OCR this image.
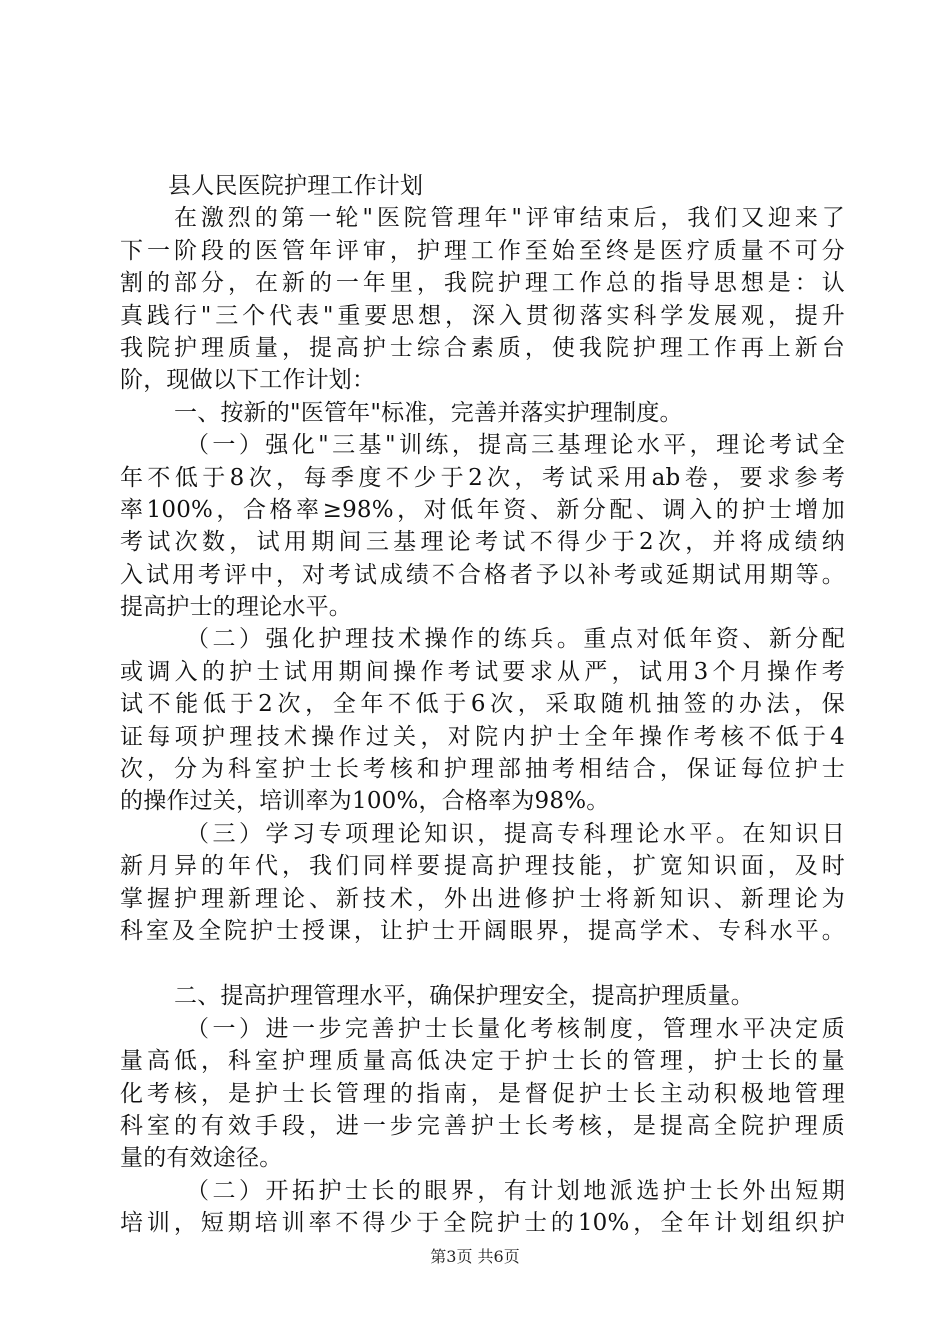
县人民医院护理工作计划
在激烈的第一轮"医院管理年"评审结束后，我们又迎来了
下一阶段的医管年评审，护理工作至始至终是医疗质量不可分
割的部分，在新的一年里，我院护理工作总的指导思想是：认
真践行"三个代表"重要思想，深入贯彻落实科学发展观，提升
我院护理质量，提高护士综合素质，使我院护理工作再上新台
阶，现做以下工作计划：
一、按新的"医管年"标准，完善并落实护理制度。
（一）强化"三基"训练，提高三基理论水平，理论考试全
年不低于8次，每季度不少于2次，考试采用ab卷，要求参考
率100%，合格率≥98%，对低年资、新分配、调入的护士增加
考试次数，试用期间三基理论考试不得少于2次，并将成绩纳
入试用考评中，对考试成绩不合格者予以补考或延期试用期等。
提高护士的理论水平。
（二）强化护理技术操作的练兵。重点对低年资、新分配
或调入的护士试用期间操作考试要求从严，试用3个月操作考
试不能低于2次，全年不低于6次，采取随机抽签的办法，保
证每项护理技术操作过关，对院内护士全年操作考核不低于4
次，分为科室护士长考核和护理部抽考相结合，保证每位护士
的操作过关，培训率为100%，合格率为98%。
（三）学习专项理论知识，提高专科理论水平。在知识日
新月异的年代，我们同样要提高护理技能，扩宽知识面，及时
掌握护理新理论、新技术，外出进修护士将新知识、新理论为
科室及全院护士授课，让护士开阔眼界，提高学术、专科水平。
二、提高护理管理水平，确保护理安全，提高护理质量。
（一）进一步完善护士长量化考核制度，管理水平决定质
量高低，科室护理质量高低决定于护士长的管理，护士长的量
化考核，是护士长管理的指南，是督促护士长主动积极地管理
科室的有效手段，进一步完善护士长考核，是提高全院护理质
量的有效途径。
（二）开拓护士长的眼界，有计划地派选护士长外出短期
培训，短期培训率不得少于全院护士的10%，全年计划组织护
第3页 共6页
